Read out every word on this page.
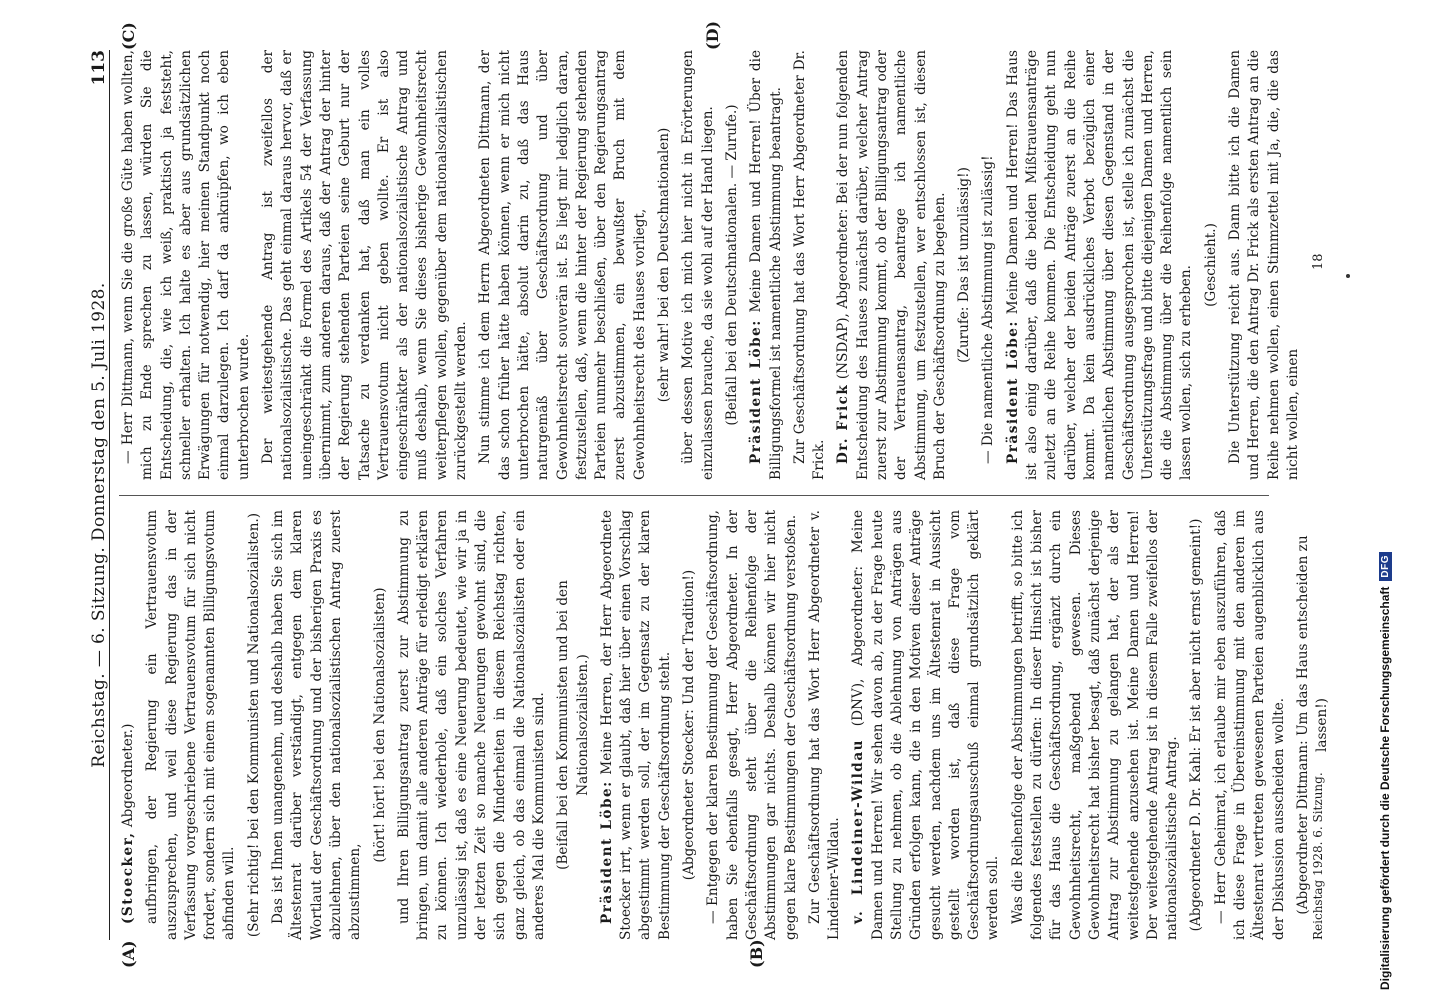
Reichstag. — 6. Sitzung. Donnerstag den 5. Juli 1928.
113
(A)	(B)
(C)	(D)

(Stoecker, Abgeordneter.) aufbringen, der Regierung ein Vertrauensvotum auszusprechen, und weil diese Regierung das in der Verfassung vorgeschriebene Vertrauensvotum für sich nicht fordert, sondern sich mit einem sogenannten Billigungsvotum abfinden will. (Sehr richtig! bei den Kommunisten und Nationalsozialisten.) Das ist Ihnen unangenehm, und deshalb haben Sie sich im Ältestenrat darüber verständigt, entgegen dem klaren Wortlaut der Geschäftsordnung und der bisherigen Praxis es abzulehnen, über den nationalsozialistischen Antrag zuerst abzustimmen,

(hört! hört! bei den Nationalsozialisten) und Ihren Billigungsantrag zuerst zur Abstimmung zu bringen, um damit alle anderen Anträge für erledigt erklären zu können. Ich wiederhole, daß ein solches Verfahren unzulässig ist, daß es eine Neuerung bedeutet, wie wir ja in der letzten Zeit so manche Neuerungen gewohnt sind, die sich gegen die Minderheiten in diesem Reichstag richten, ganz gleich, ob das einmal die Nationalsozialisten oder ein anderes Mal die Kommunisten sind. (Beifall bei den Kommunisten und bei den Nationalsozialisten.)

Präsident Löbe: Meine Herren, der Herr Abgeordnete Stoecker irrt, wenn er glaubt, daß hier über einen Vorschlag abgestimmt werden soll, der im Gegensatz zu der klaren Bestimmung der Geschäftsordnung steht. (Abgeordneter Stoecker: Und der Tradition!) — Entgegen der klaren Bestimmung der Geschäftsordnung, haben Sie ebenfalls gesagt, Herr Abgeordneter. In der Geschäftsordnung steht über die Reihenfolge der Abstimmungen gar nichts. Deshalb können wir hier nicht gegen klare Bestimmungen der Geschäftsordnung verstoßen. Zur Geschäftsordnung hat das Wort Herr Abgeordneter v. Lindeiner-Wildau. v. Lindeiner-Wildau (DNV), Abgeordneter: Meine Damen und Herren! Wir sehen davon ab, zu der Frage heute Stellung zu nehmen, ob die Ablehnung von Anträgen aus Gründen erfolgen kann, die in den Motiven dieser Anträge gesucht werden, nachdem uns im Ältestenrat in Aussicht gestellt worden ist, daß diese Frage vom Geschäftsordnungsausschuß einmal grundsätzlich geklärt werden soll. Was die Reihenfolge der Abstimmungen betrifft, so bitte ich folgendes feststellen zu dürfen: In dieser Hinsicht ist bisher für das Haus die Geschäftsordnung, ergänzt durch ein Gewohnheitsrecht, maßgebend gewesen. Dieses Gewohnheitsrecht hat bisher besagt, daß zunächst derjenige Antrag zur Abstimmung zu gelangen hat, der als der weitestgehende anzusehen ist. Meine Damen und Herren! Der weitestgehende Antrag ist in diesem Falle zweifellos der nationalsozialistische Antrag. (Abgeordneter D. Dr. Kahl: Er ist aber nicht ernst gemeint!) — Herr Geheimrat, ich erlaube mir eben auszuführen, daß ich diese Frage in Übereinstimmung mit den anderen im Ältestenrat vertreten gewesenen Parteien augenblicklich aus der Diskussion ausscheiden wollte. (Abgeordneter Dittmann: Um das Haus entscheiden zu lassen!)

— Herr Dittmann, wenn Sie die große Güte haben wollten, mich zu Ende sprechen zu lassen, würden Sie die Entscheidung, die, wie ich weiß, praktisch ja feststeht, schneller erhalten. Ich halte es aber aus grundsätzlichen Erwägungen für notwendig, hier meinen Standpunkt noch einmal darzulegen. Ich darf da anknüpfen, wo ich eben unterbrochen wurde. Der weitestgehende Antrag ist zweifellos der nationalsozialistische. Das geht einmal daraus hervor, daß er uneingeschränkt die Formel des Artikels 54 der Verfassung übernimmt, zum anderen daraus, daß der Antrag der hinter der Regierung stehenden Parteien seine Geburt nur der Tatsache zu verdanken hat, daß man ein volles Vertrauensvotum nicht geben wollte. Er ist also eingeschränkter als der nationalsozialistische Antrag und muß deshalb, wenn Sie dieses bisherige Gewohnheitsrecht weiterpflegen wollen, gegenüber dem nationalsozialistischen zurückgestellt werden. Nun stimme ich dem Herrn Abgeordneten Dittmann, der das schon früher hätte haben können, wenn er mich nicht unterbrochen hätte, absolut darin zu, daß das Haus naturgemäß über Geschäftsordnung und über Gewohnheitsrecht souverän ist. Es liegt mir lediglich daran, festzustellen, daß, wenn die hinter der Regierung stehenden Parteien nunmehr beschließen, über den Regierungsantrag zuerst abzustimmen, ein bewußter Bruch mit dem Gewohnheitsrecht des Hauses vorliegt, (sehr wahr! bei den Deutschnationalen) über dessen Motive ich mich hier nicht in Erörterungen einzulassen brauche, da sie wohl auf der Hand liegen. (Beifall bei den Deutschnationalen. — Zurufe.) Präsident Löbe: Meine Damen und Herren! Über die Billigungsformel ist namentliche Abstimmung beantragt. Zur Geschäftsordnung hat das Wort Herr Abgeordneter Dr. Frick. Dr. Frick (NSDAP), Abgeordneter: Bei der nun folgenden Entscheidung des Hauses zunächst darüber, welcher Antrag zuerst zur Abstimmung kommt, ob der Billigungsantrag oder der Vertrauensantrag, beantrage ich namentliche Abstimmung, um festzustellen, wer entschlossen ist, diesen Bruch der Geschäftsordnung zu begehen. (Zurufe: Das ist unzulässig!) — Die namentliche Abstimmung ist zulässig! Präsident Löbe: Meine Damen und Herren! Das Haus ist also einig darüber, daß die beiden Mißtrauensanträge zuletzt an die Reihe kommen. Die Entscheidung geht nun darüber, welcher der beiden Anträge zuerst an die Reihe kommt. Da kein ausdrückliches Verbot bezüglich einer namentlichen Abstimmung über diesen Gegenstand in der Geschäftsordnung ausgesprochen ist, stelle ich zunächst die Unterstützungsfrage und bitte diejenigen Damen und Herren, die die Abstimmung über die Reihenfolge namentlich sein lassen wollen, sich zu erheben.

(Geschieht.) Die Unterstützung reicht aus. Dann bitte ich die Damen und Herren, die den Antrag Dr. Frick als ersten Antrag an die Reihe nehmen wollen, einen Stimmzettel mit Ja, die, die das nicht wollen, einen

Reichstag 1928. 6. Sitzung.
18
Digitalisierung gefördert durch die Deutsche Forschungsgemeinschaft
DFG
